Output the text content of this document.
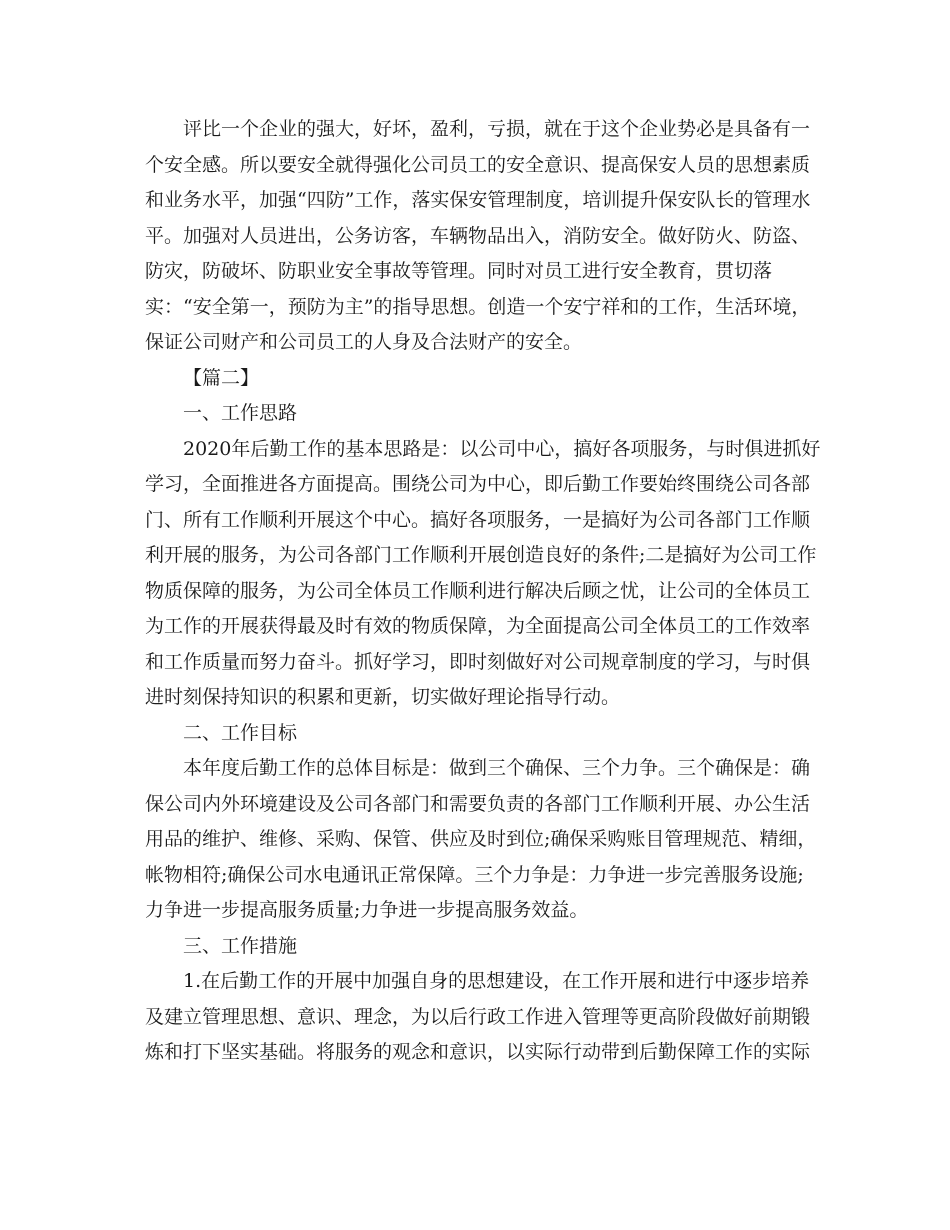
评比一个企业的强大，好坏，盈利，亏损，就在于这个企业势必是具备有一
个安全感。所以要安全就得强化公司员工的安全意识、提高保安人员的思想素质
和业务水平，加强“四防”工作，落实保安管理制度，培训提升保安队长的管理水
平。加强对人员进出，公务访客，车辆物品出入，消防安全。做好防火、防盗、
防灾，防破坏、防职业安全事故等管理。同时对员工进行安全教育，贯切落
实：“安全第一，预防为主”的指导思想。创造一个安宁祥和的工作，生活环境，
保证公司财产和公司员工的人身及合法财产的安全。
【篇二】
一、工作思路
2020年后勤工作的基本思路是：以公司中心，搞好各项服务，与时俱进抓好
学习，全面推进各方面提高。围绕公司为中心，即后勤工作要始终围绕公司各部
门、所有工作顺利开展这个中心。搞好各项服务，一是搞好为公司各部门工作顺
利开展的服务，为公司各部门工作顺利开展创造良好的条件;二是搞好为公司工作
物质保障的服务，为公司全体员工作顺利进行解决后顾之忧，让公司的全体员工
为工作的开展获得最及时有效的物质保障，为全面提高公司全体员工的工作效率
和工作质量而努力奋斗。抓好学习，即时刻做好对公司规章制度的学习，与时俱
进时刻保持知识的积累和更新，切实做好理论指导行动。
二、工作目标
本年度后勤工作的总体目标是：做到三个确保、三个力争。三个确保是：确
保公司内外环境建设及公司各部门和需要负责的各部门工作顺利开展、办公生活
用品的维护、维修、采购、保管、供应及时到位;确保采购账目管理规范、精细，
帐物相符;确保公司水电通讯正常保障。三个力争是：力争进一步完善服务设施;
力争进一步提高服务质量;力争进一步提高服务效益。
三、工作措施
1.在后勤工作的开展中加强自身的思想建设，在工作开展和进行中逐步培养
及建立管理思想、意识、理念，为以后行政工作进入管理等更高阶段做好前期锻
炼和打下坚实基础。将服务的观念和意识，以实际行动带到后勤保障工作的实际
